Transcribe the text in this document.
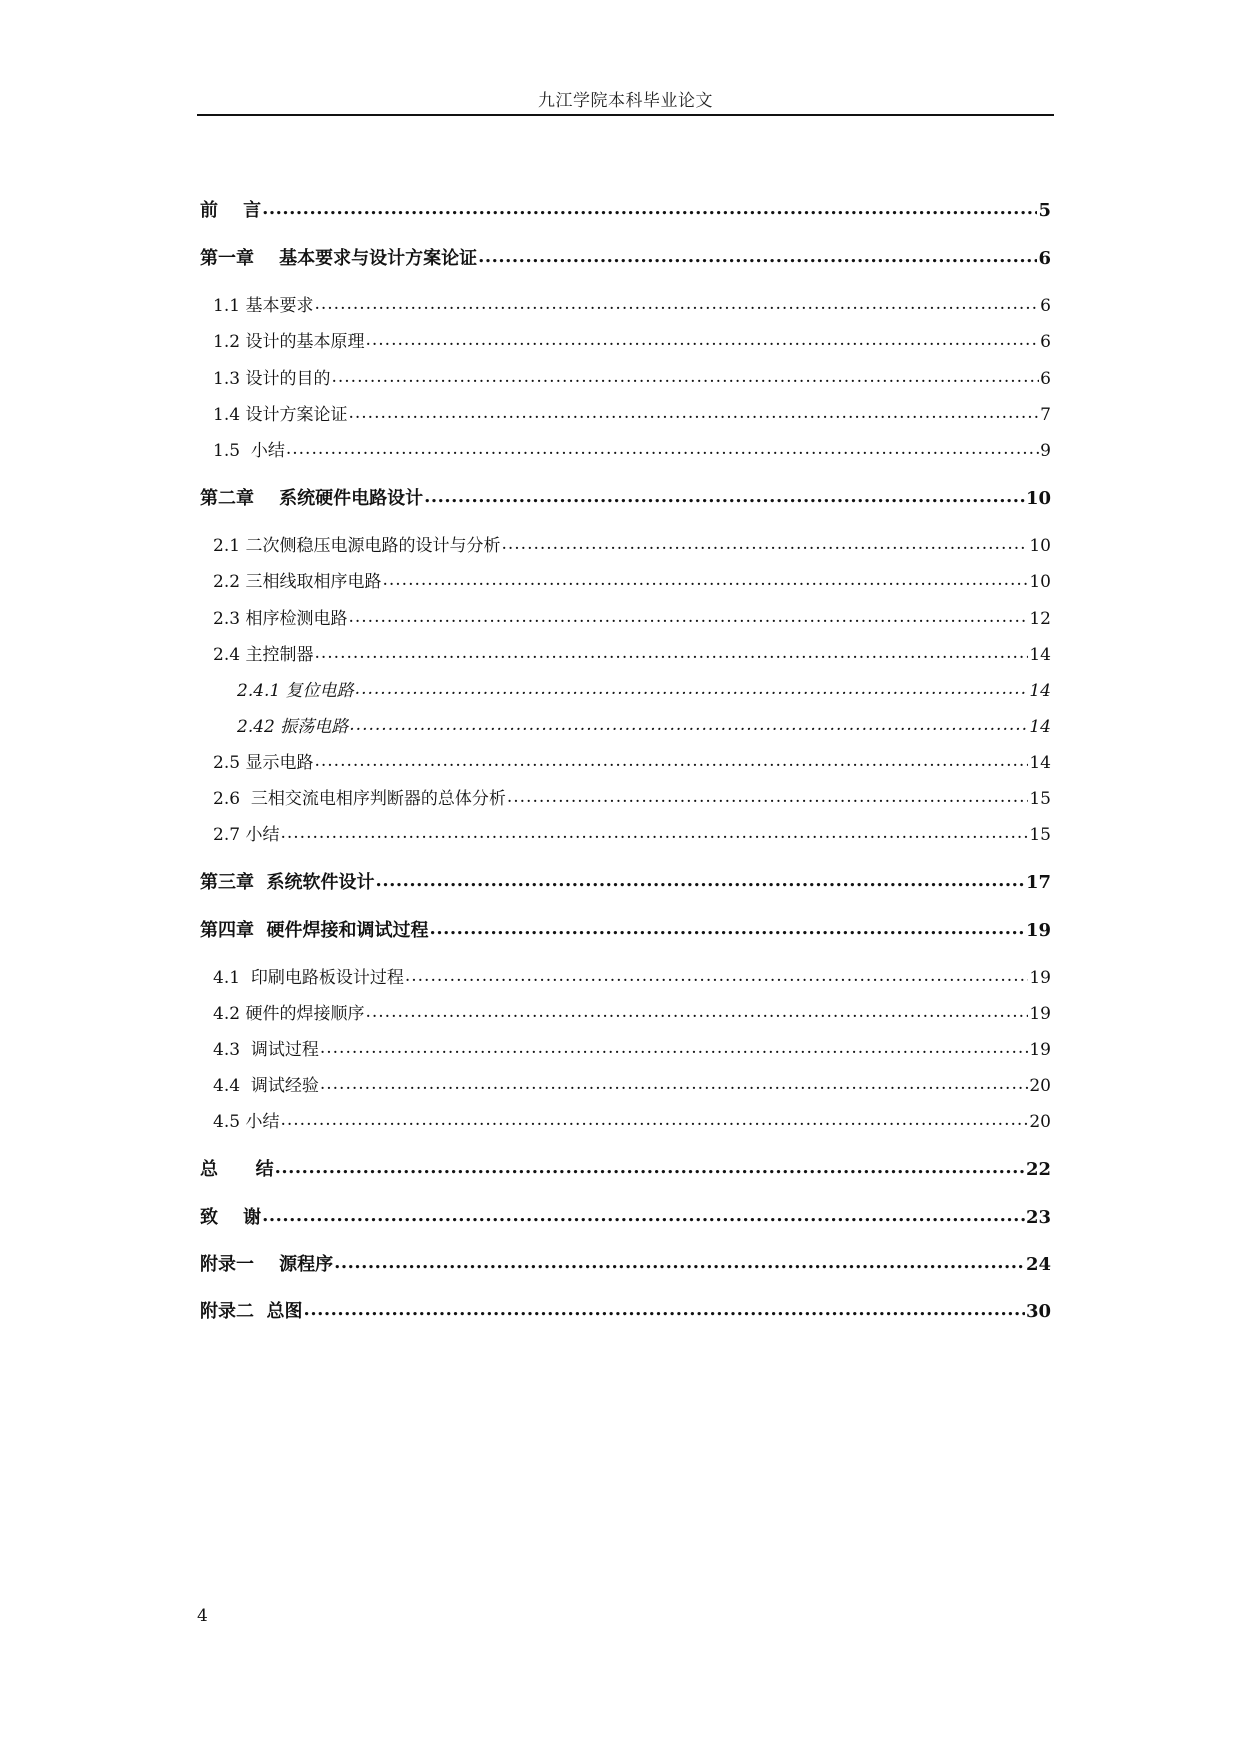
九江学院本科毕业论文
前    言 .....	5
第一章    基本要求与设计方案论证 .....	6
1.1 基本要求 .....	6
1.2 设计的基本原理 .....	6
1.3 设计的目的 .....	6
1.4 设计方案论证 .....	7
1.5  小结 .....	9
第二章    系统硬件电路设计 .....	10
2.1 二次侧稳压电源电路的设计与分析 .....	10
2.2 三相线取相序电路 .....	10
2.3 相序检测电路 .....	12
2.4 主控制器 .....	14
2.4.1 复位电路 .....	14
2.42 振荡电路 .....	14
2.5 显示电路 .....	14
2.6  三相交流电相序判断器的总体分析 .....	15
2.7 小结 .....	15
第三章  系统软件设计 .....	17
第四章  硬件焊接和调试过程 .....	19
4.1  印刷电路板设计过程 .....	19
4.2 硬件的焊接顺序 .....	19
4.3  调试过程 .....	19
4.4  调试经验 .....	20
4.5 小结 .....	20
总      结 .....	22
致    谢 .....	23
附录一    源程序 .....	24
附录二  总图 .....	30
4
